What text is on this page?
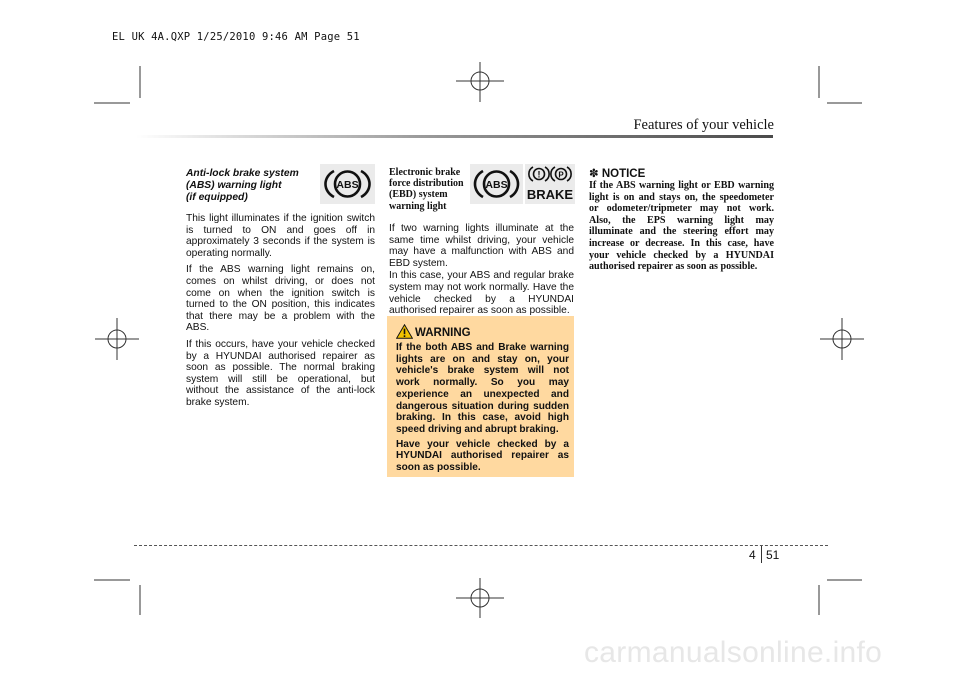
EL UK 4A.QXP 1/25/2010 9:46 AM Page 51
Features of your vehicle
Anti-lock brake system
(ABS) warning light
(if equipped)
ABS

This light illuminates if the ignition switch is turned to ON and goes off in approximately 3 seconds if the system is operating normally.

If the ABS warning light remains on, comes on whilst driving, or does not come on when the ignition switch is turned to the ON position, this indicates that there may be a problem with the ABS.

If this occurs, have your vehicle checked by a HYUNDAI authorised repairer as soon as possible. The normal braking system will still be operational, but without the assistance of the anti-lock brake system.

Electronic brake
force distribution
(EBD) system
warning light
ABS
! P
BRAKE

If two warning lights illuminate at the same time whilst driving, your vehicle may have a malfunction with ABS and EBD system.

In this case, your ABS and regular brake system may not work normally. Have the vehicle checked by a HYUNDAI authorised repairer as soon as possible.

WARNING

If the both ABS and Brake warning lights are on and stay on, your vehicle's brake system will not work normally. So you may experience an unexpected and dangerous situation during sudden braking. In this case, avoid high speed driving and abrupt braking.

Have your vehicle checked by a HYUNDAI authorised repairer as soon as possible.

✽ NOTICE
If the ABS warning light or EBD warning light is on and stays on, the speedometer or odometer/tripmeter may not work. Also, the EPS warning light may illuminate and the steering effort may increase or decrease. In this case, have your vehicle checked by a HYUNDAI authorised repairer as soon as possible.
4 51
carmanualsonline.info
